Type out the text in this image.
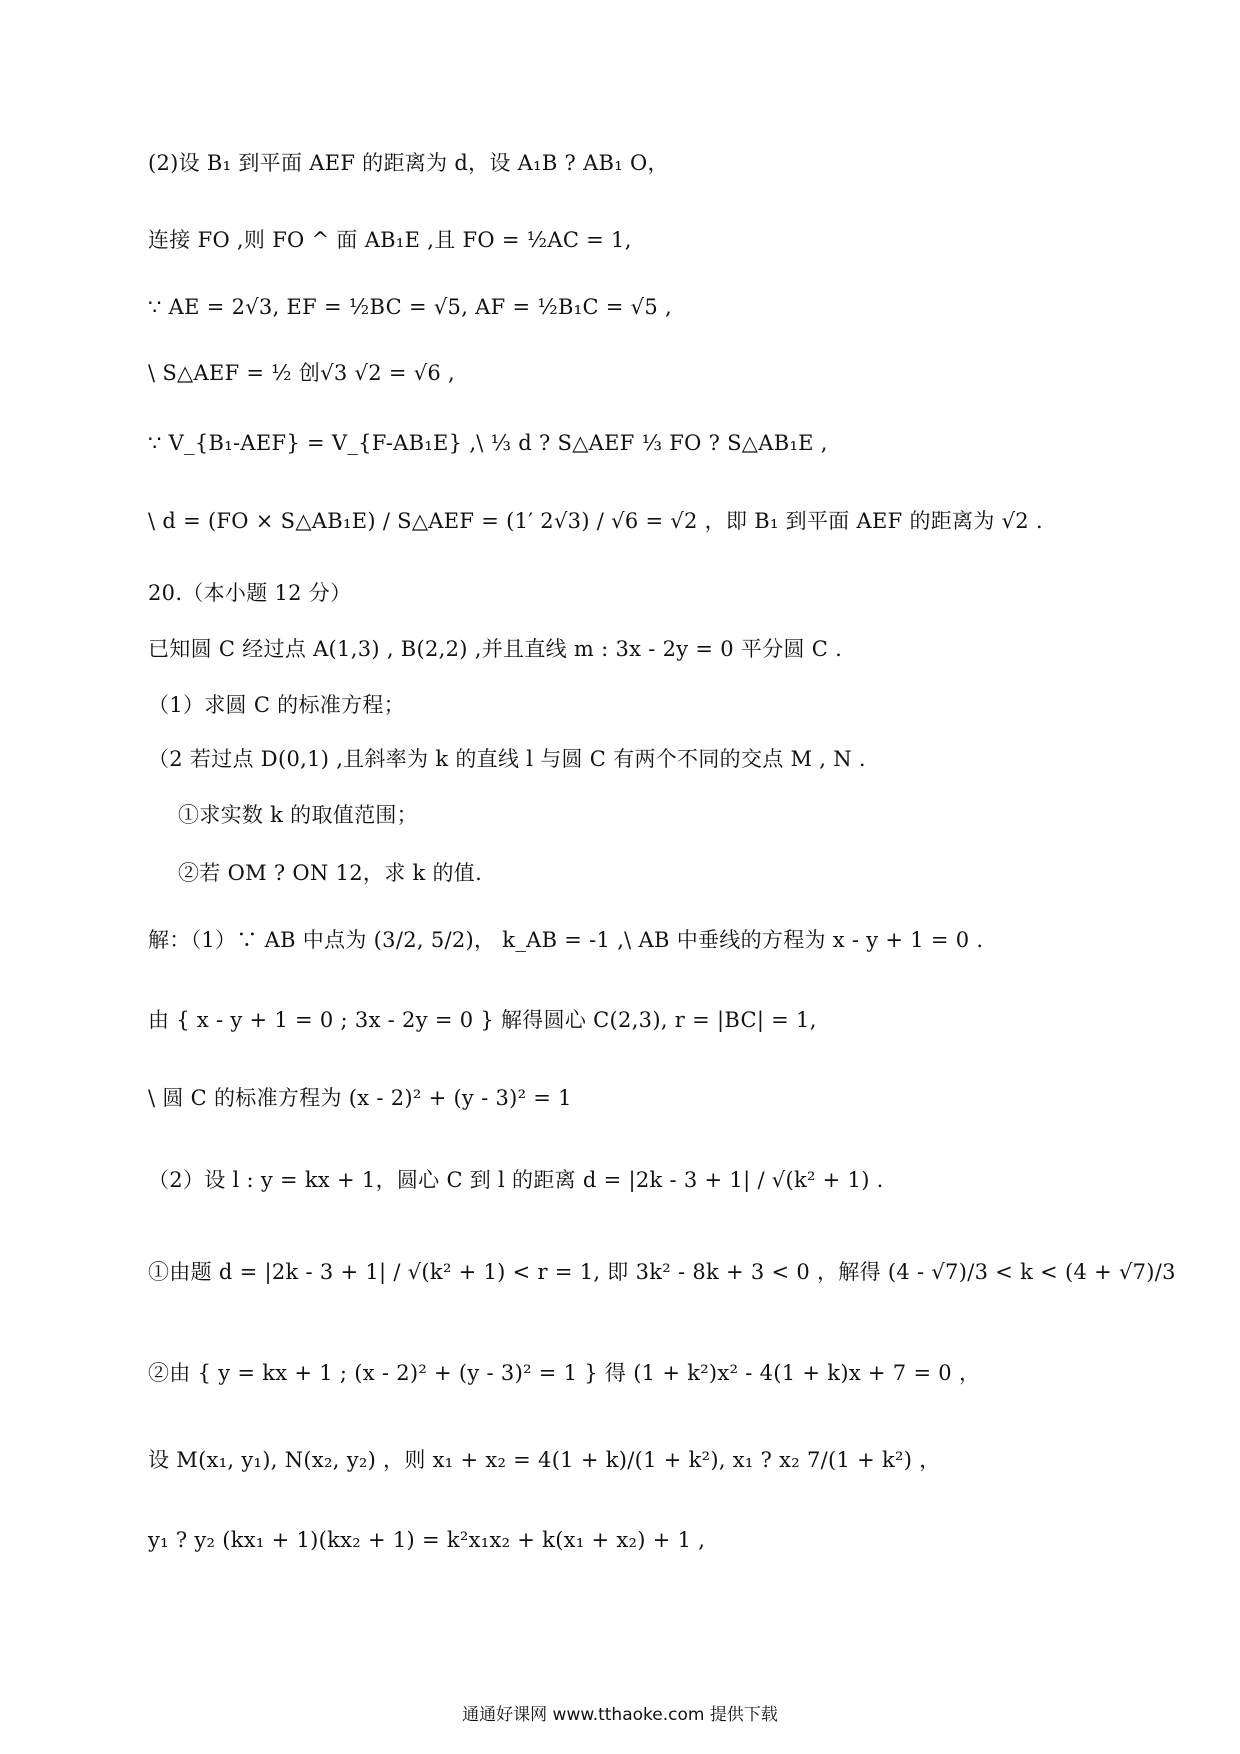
(2)设 B₁ 到平面 AEF 的距离为 d，设 A₁B ? AB₁ O，
连接 FO ,则 FO ^ 面 AB₁E ,且 FO = ½AC = 1,
∵ AE = 2√3, EF = ½BC = √5, AF = ½B₁C = √5 ,
\ S△AEF = ½ 创√3 √2 = √6 ,
∵ V_{B₁-AEF} = V_{F-AB₁E} ,\ ⅓ d ? S△AEF ⅓ FO ? S△AB₁E ,
\ d = (FO × S△AB₁E) / S△AEF = (1′ 2√3) / √6 = √2 ，即 B₁ 到平面 AEF 的距离为 √2 .
20.（本小题 12 分）
已知圆 C 经过点 A(1,3) , B(2,2) ,并且直线 m : 3x - 2y = 0 平分圆 C .
（1）求圆 C 的标准方程；
（2 若过点 D(0,1) ,且斜率为 k 的直线 l 与圆 C 有两个不同的交点 M , N .
①求实数 k 的取值范围；
②若 OM ? ON 12，求 k 的值.
解：（1）∵ AB 中点为 (3/2, 5/2)， k_AB = -1 ,\ AB 中垂线的方程为 x - y + 1 = 0 .
由 { x - y + 1 = 0 ; 3x - 2y = 0 } 解得圆心 C(2,3), r = |BC| = 1,
\ 圆 C 的标准方程为 (x - 2)² + (y - 3)² = 1
（2）设 l : y = kx + 1，圆心 C 到 l 的距离 d = |2k - 3 + 1| / √(k² + 1) .
①由题 d = |2k - 3 + 1| / √(k² + 1) < r = 1, 即 3k² - 8k + 3 < 0 ，解得 (4 - √7)/3 < k < (4 + √7)/3
②由 { y = kx + 1 ; (x - 2)² + (y - 3)² = 1 } 得 (1 + k²)x² - 4(1 + k)x + 7 = 0 ，
设 M(x₁, y₁), N(x₂, y₂) ，则 x₁ + x₂ = 4(1 + k)/(1 + k²), x₁ ? x₂ 7/(1 + k²) ，
y₁ ? y₂ (kx₁ + 1)(kx₂ + 1) = k²x₁x₂ + k(x₁ + x₂) + 1 ,
通通好课网 www.tthaoke.com 提供下载
